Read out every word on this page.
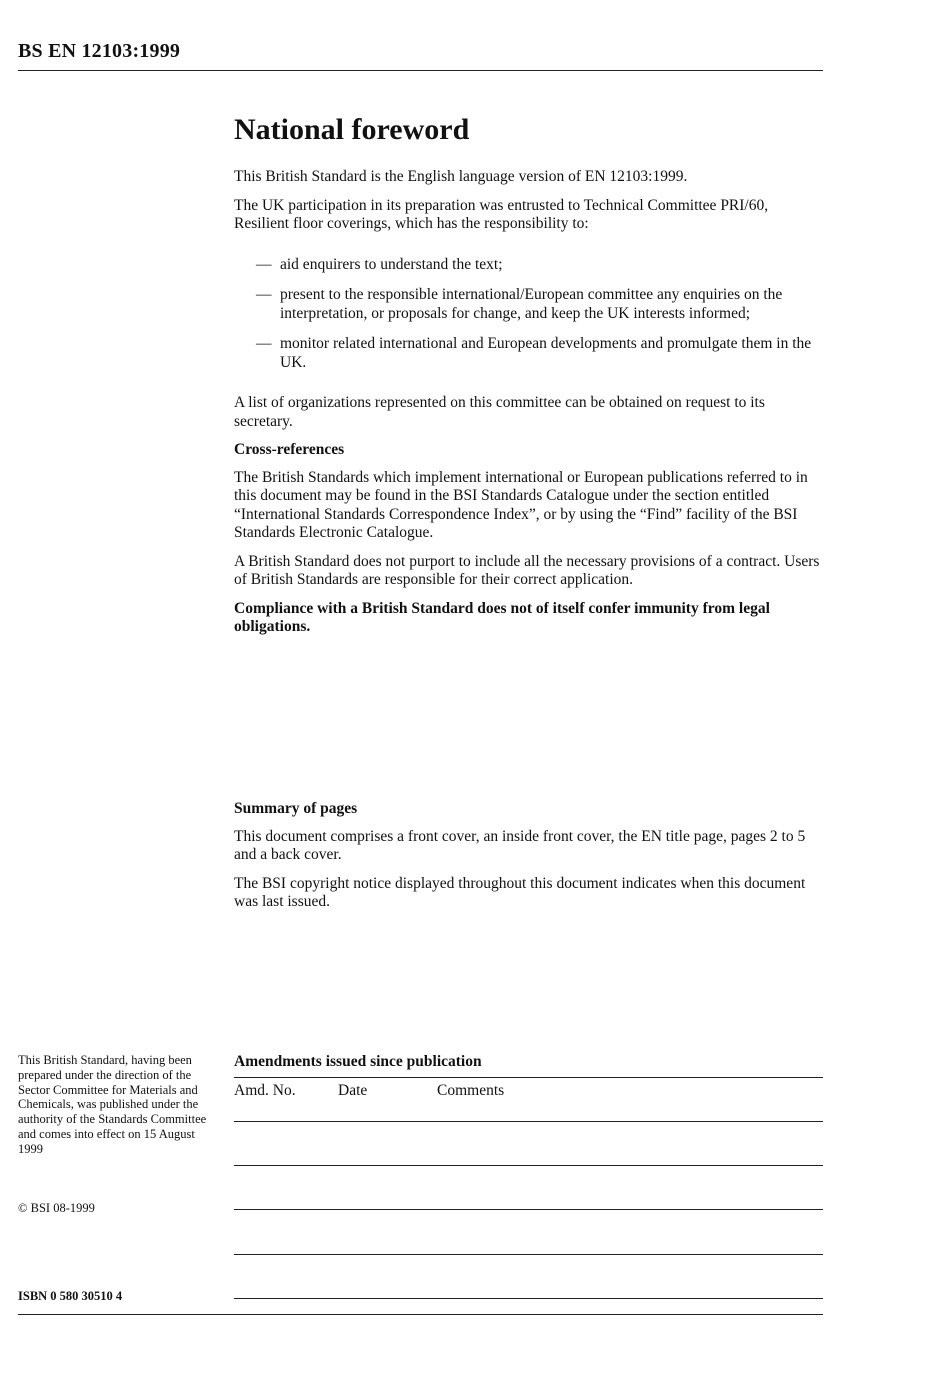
BS EN 12103:1999
National foreword

This British Standard is the English language version of EN 12103:1999.

The UK participation in its preparation was entrusted to Technical Committee PRI/60, Resilient floor coverings, which has the responsibility to:

— aid enquirers to understand the text;
— present to the responsible international/European committee any enquiries on the interpretation, or proposals for change, and keep the UK interests informed;
— monitor related international and European developments and promulgate them in the UK.

A list of organizations represented on this committee can be obtained on request to its secretary.

Cross-references

The British Standards which implement international or European publications referred to in this document may be found in the BSI Standards Catalogue under the section entitled “International Standards Correspondence Index”, or by using the “Find” facility of the BSI Standards Electronic Catalogue.

A British Standard does not purport to include all the necessary provisions of a contract. Users of British Standards are responsible for their correct application.

Compliance with a British Standard does not of itself confer immunity from legal obligations.

Summary of pages

This document comprises a front cover, an inside front cover, the EN title page, pages 2 to 5 and a back cover.

The BSI copyright notice displayed throughout this document indicates when this document was last issued.

This British Standard, having been prepared under the direction of the Sector Committee for Materials and Chemicals, was published under the authority of the Standards Committee and comes into effect on 15 August 1999

© BSI 08-1999

ISBN 0 580 30510 4

Amendments issued since publication
Amd. No.	Date	Comments
